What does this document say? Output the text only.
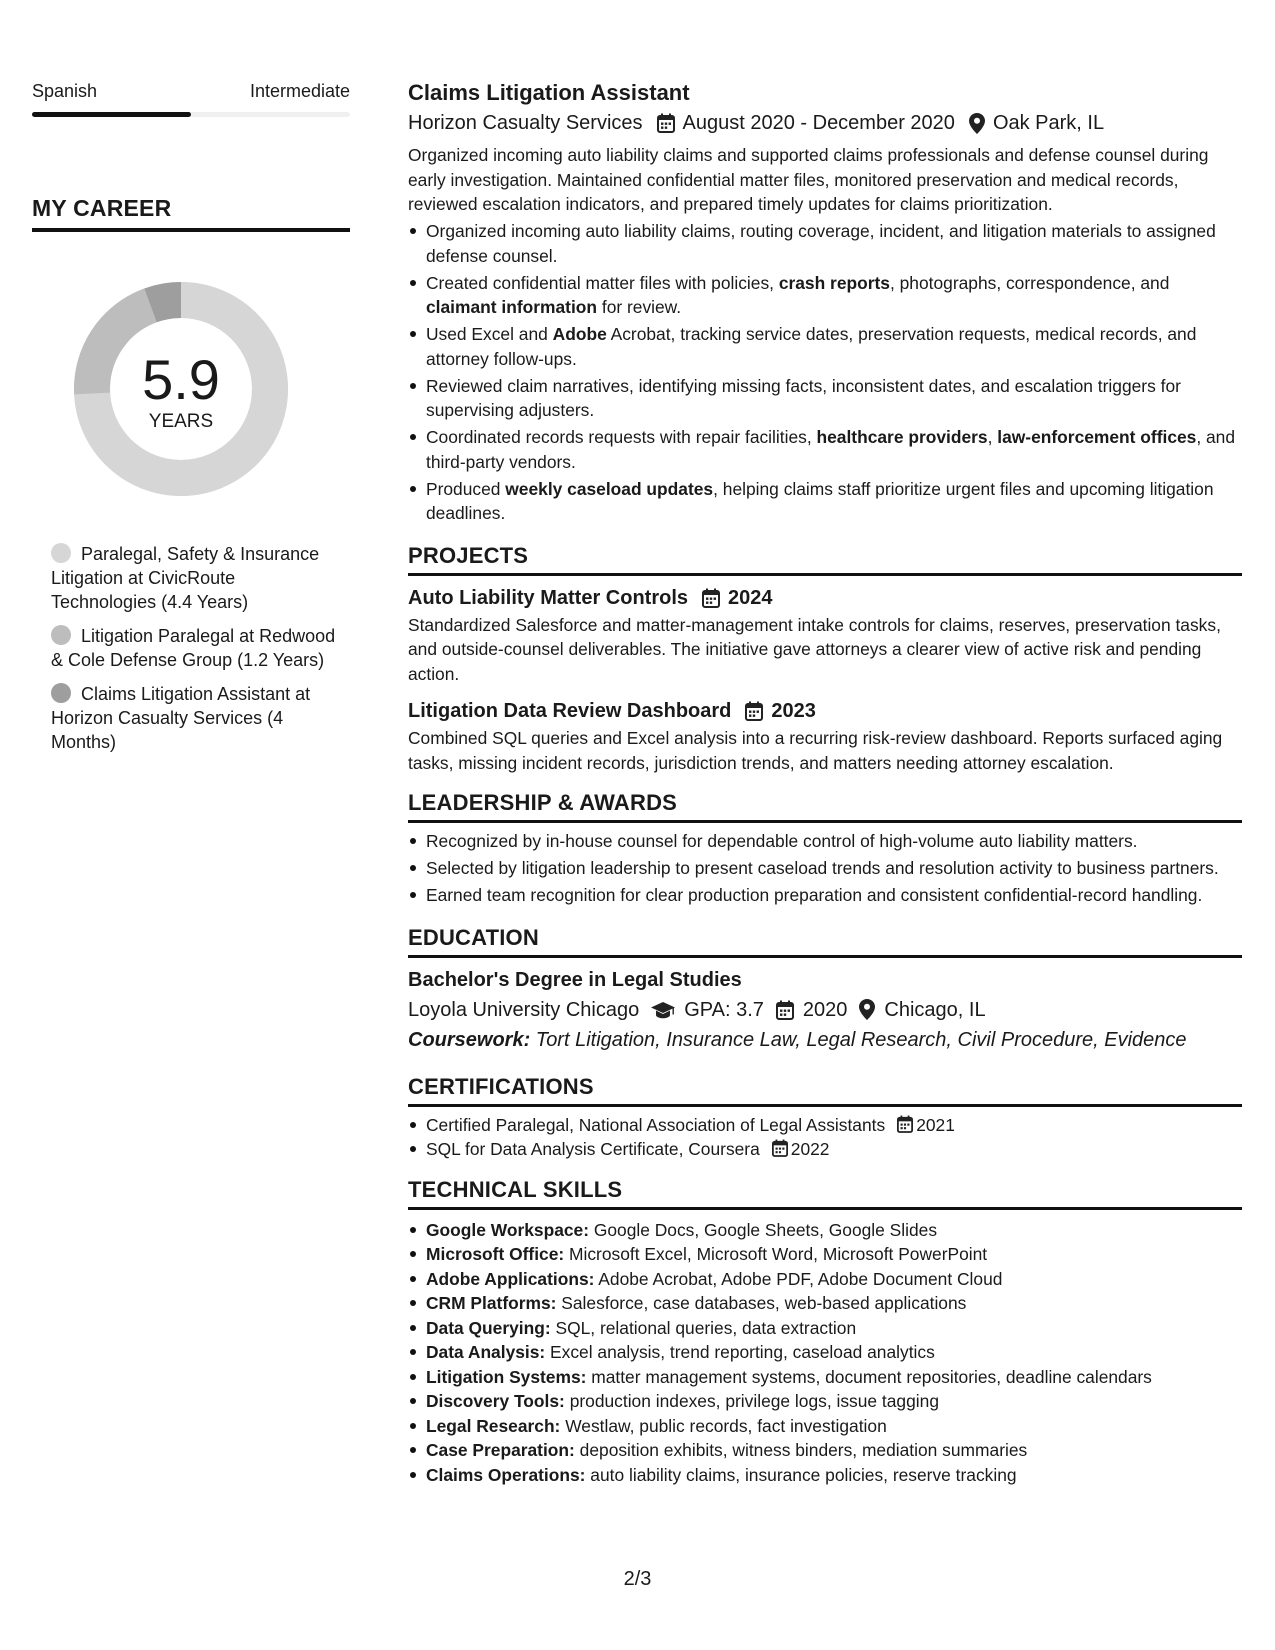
Spanish	Intermediate
MY CAREER
5.9
YEARS
Paralegal, Safety & Insurance Litigation at CivicRoute Technologies (4.4 Years)
Litigation Paralegal at Redwood & Cole Defense Group (1.2 Years)
Claims Litigation Assistant at Horizon Casualty Services (4 Months)
Claims Litigation Assistant
Horizon Casualty Services August 2020 - December 2020 Oak Park, IL
Organized incoming auto liability claims and supported claims professionals and defense counsel during early investigation. Maintained confidential matter files, monitored preservation and medical records, reviewed escalation indicators, and prepared timely updates for claims prioritization.
Organized incoming auto liability claims, routing coverage, incident, and litigation materials to assigned defense counsel.
Created confidential matter files with policies, crash reports, photographs, correspondence, and claimant information for review.
Used Excel and Adobe Acrobat, tracking service dates, preservation requests, medical records, and attorney follow-ups.
Reviewed claim narratives, identifying missing facts, inconsistent dates, and escalation triggers for supervising adjusters.
Coordinated records requests with repair facilities, healthcare providers, law-enforcement offices, and third-party vendors.
Produced weekly caseload updates, helping claims staff prioritize urgent files and upcoming litigation deadlines.
PROJECTS
Auto Liability Matter Controls 2024
Standardized Salesforce and matter-management intake controls for claims, reserves, preservation tasks, and outside-counsel deliverables. The initiative gave attorneys a clearer view of active risk and pending action.
Litigation Data Review Dashboard 2023
Combined SQL queries and Excel analysis into a recurring risk-review dashboard. Reports surfaced aging tasks, missing incident records, jurisdiction trends, and matters needing attorney escalation.
LEADERSHIP & AWARDS
Recognized by in-house counsel for dependable control of high-volume auto liability matters.
Selected by litigation leadership to present caseload trends and resolution activity to business partners.
Earned team recognition for clear production preparation and consistent confidential-record handling.
EDUCATION
Bachelor's Degree in Legal Studies
Loyola University Chicago GPA: 3.7 2020 Chicago, IL
Coursework: Tort Litigation, Insurance Law, Legal Research, Civil Procedure, Evidence
CERTIFICATIONS
Certified Paralegal, National Association of Legal Assistants 2021
SQL for Data Analysis Certificate, Coursera 2022
TECHNICAL SKILLS
Google Workspace: Google Docs, Google Sheets, Google Slides
Microsoft Office: Microsoft Excel, Microsoft Word, Microsoft PowerPoint
Adobe Applications: Adobe Acrobat, Adobe PDF, Adobe Document Cloud
CRM Platforms: Salesforce, case databases, web-based applications
Data Querying: SQL, relational queries, data extraction
Data Analysis: Excel analysis, trend reporting, caseload analytics
Litigation Systems: matter management systems, document repositories, deadline calendars
Discovery Tools: production indexes, privilege logs, issue tagging
Legal Research: Westlaw, public records, fact investigation
Case Preparation: deposition exhibits, witness binders, mediation summaries
Claims Operations: auto liability claims, insurance policies, reserve tracking
2/3
